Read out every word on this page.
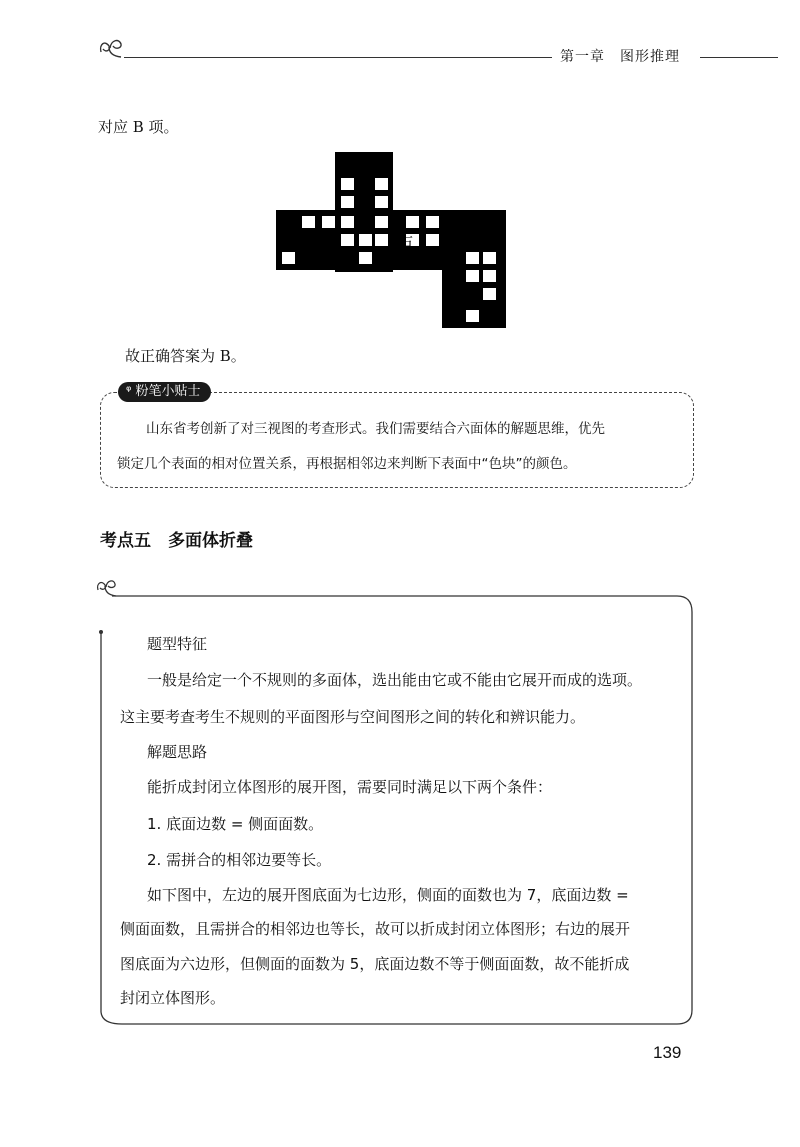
第一章　图形推理
对应 B 项。
左	右	背
故正确答案为 B。
ᵠ 粉笔小贴士
山东省考创新了对三视图的考查形式。我们需要结合六面体的解题思维，优先
锁定几个表面的相对位置关系，再根据相邻边来判断下表面中“色块”的颜色。
考点五　多面体折叠
题型特征
一般是给定一个不规则的多面体，选出能由它或不能由它展开而成的选项。
这主要考查考生不规则的平面图形与空间图形之间的转化和辨识能力。
解题思路
能折成封闭立体图形的展开图，需要同时满足以下两个条件：
1. 底面边数 = 侧面面数。
2. 需拼合的相邻边要等长。
如下图中，左边的展开图底面为七边形，侧面的面数也为 7，底面边数 =
侧面面数，且需拼合的相邻边也等长，故可以折成封闭立体图形；右边的展开
图底面为六边形，但侧面的面数为 5，底面边数不等于侧面面数，故不能折成
封闭立体图形。
139
